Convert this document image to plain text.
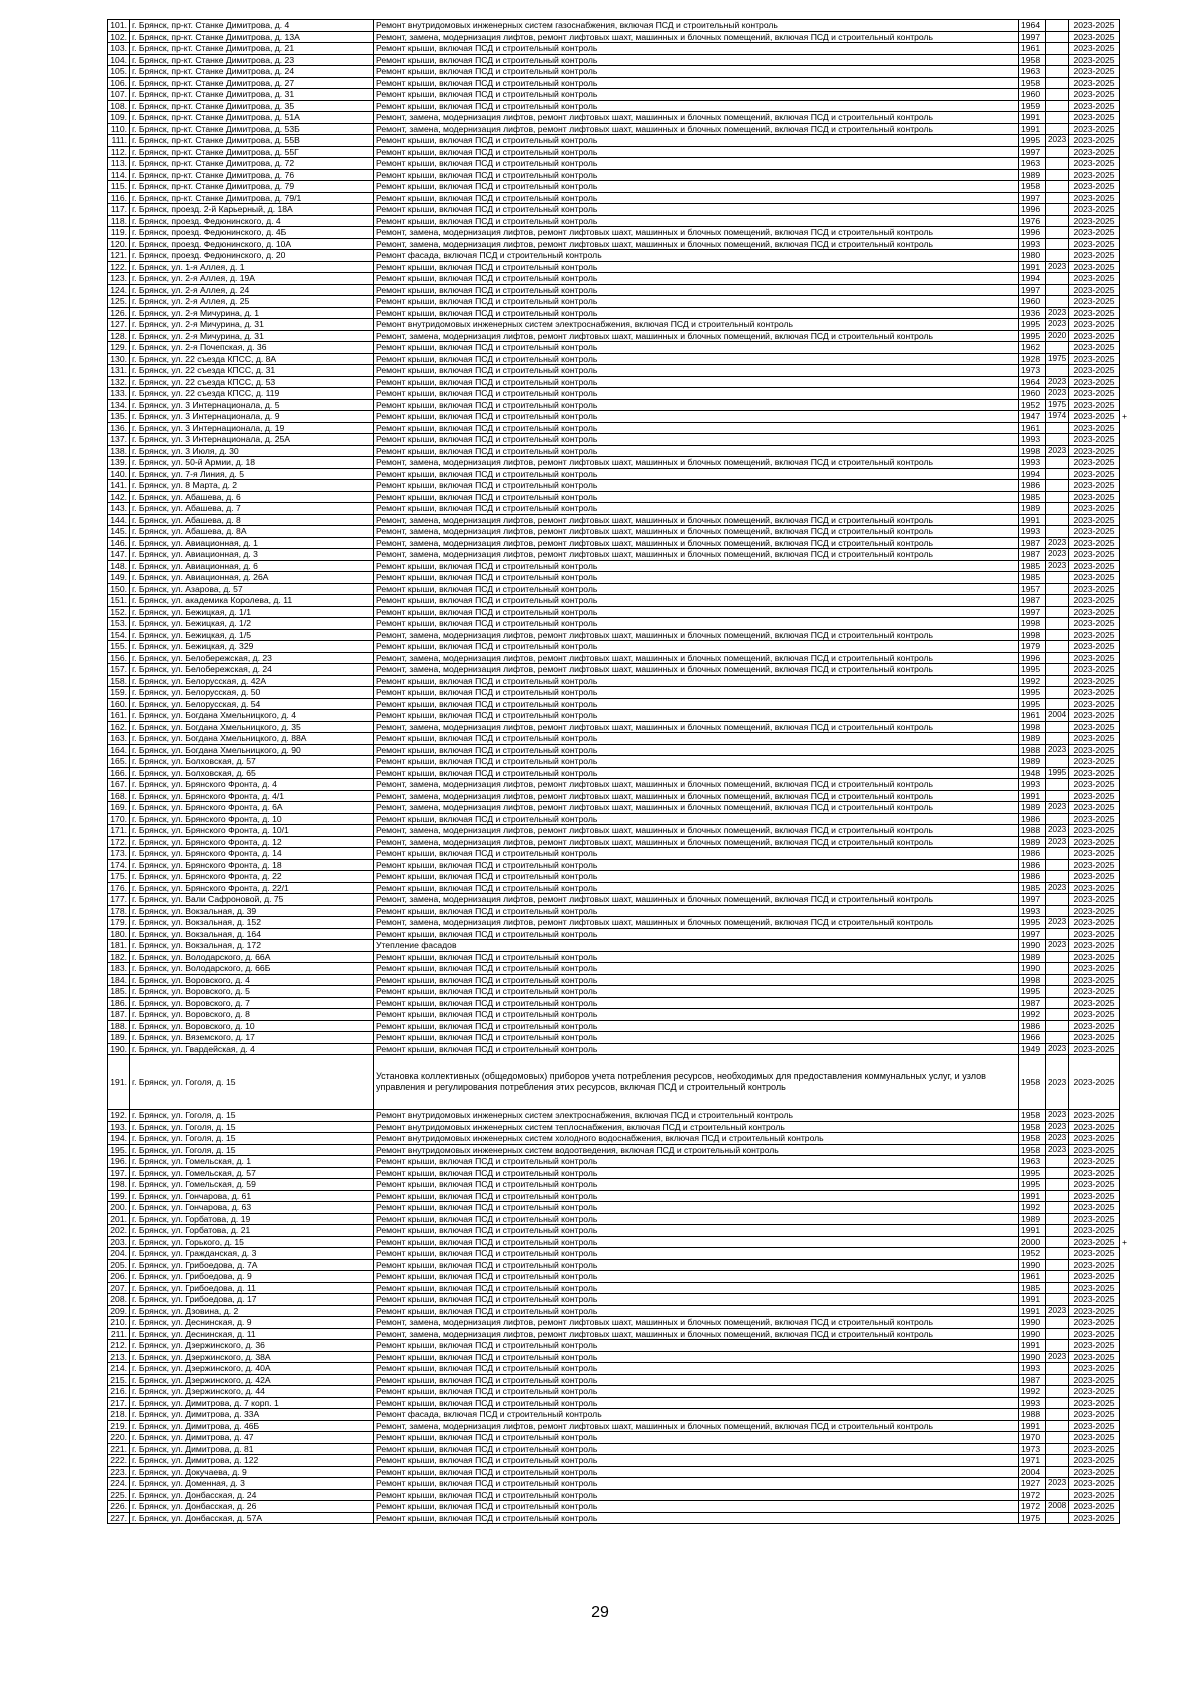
101.	г. Брянск, пр-кт. Станке Димитрова, д. 4	Ремонт внутридомовых инженерных систем газоснабжения, включая ПСД и строительный контроль	1964		2023-2025	
102.	г. Брянск, пр-кт. Станке Димитрова, д. 13А	Ремонт, замена, модернизация лифтов, ремонт лифтовых шахт, машинных и блочных помещений, включая ПСД и строительный контроль	1997		2023-2025	
103.	г. Брянск, пр-кт. Станке Димитрова, д. 21	Ремонт крыши, включая ПСД и строительный контроль	1961		2023-2025	
104.	г. Брянск, пр-кт. Станке Димитрова, д. 23	Ремонт крыши, включая ПСД и строительный контроль	1958		2023-2025	
105.	г. Брянск, пр-кт. Станке Димитрова, д. 24	Ремонт крыши, включая ПСД и строительный контроль	1963		2023-2025	
106.	г. Брянск, пр-кт. Станке Димитрова, д. 27	Ремонт крыши, включая ПСД и строительный контроль	1958		2023-2025	
107.	г. Брянск, пр-кт. Станке Димитрова, д. 31	Ремонт крыши, включая ПСД и строительный контроль	1960		2023-2025	
108.	г. Брянск, пр-кт. Станке Димитрова, д. 35	Ремонт крыши, включая ПСД и строительный контроль	1959		2023-2025	
109.	г. Брянск, пр-кт. Станке Димитрова, д. 51А	Ремонт, замена, модернизация лифтов, ремонт лифтовых шахт, машинных и блочных помещений, включая ПСД и строительный контроль	1991		2023-2025	
110.	г. Брянск, пр-кт. Станке Димитрова, д. 53Б	Ремонт, замена, модернизация лифтов, ремонт лифтовых шахт, машинных и блочных помещений, включая ПСД и строительный контроль	1991		2023-2025	
111.	г. Брянск, пр-кт. Станке Димитрова, д. 55В	Ремонт крыши, включая ПСД и строительный контроль	1995	2023	2023-2025	
112.	г. Брянск, пр-кт. Станке Димитрова, д. 55Г	Ремонт крыши, включая ПСД и строительный контроль	1997		2023-2025	
113.	г. Брянск, пр-кт. Станке Димитрова, д. 72	Ремонт крыши, включая ПСД и строительный контроль	1963		2023-2025	
114.	г. Брянск, пр-кт. Станке Димитрова, д. 76	Ремонт крыши, включая ПСД и строительный контроль	1989		2023-2025	
115.	г. Брянск, пр-кт. Станке Димитрова, д. 79	Ремонт крыши, включая ПСД и строительный контроль	1958		2023-2025	
116.	г. Брянск, пр-кт. Станке Димитрова, д. 79/1	Ремонт крыши, включая ПСД и строительный контроль	1997		2023-2025	
117.	г. Брянск, проезд. 2-й Карьерный, д. 18А	Ремонт крыши, включая ПСД и строительный контроль	1996		2023-2025	
118.	г. Брянск, проезд. Федюнинского, д. 4	Ремонт крыши, включая ПСД и строительный контроль	1976		2023-2025	
119.	г. Брянск, проезд. Федюнинского, д. 4Б	Ремонт, замена, модернизация лифтов, ремонт лифтовых шахт, машинных и блочных помещений, включая ПСД и строительный контроль	1996		2023-2025	
120.	г. Брянск, проезд. Федюнинского, д. 10А	Ремонт, замена, модернизация лифтов, ремонт лифтовых шахт, машинных и блочных помещений, включая ПСД и строительный контроль	1993		2023-2025	
121.	г. Брянск, проезд. Федюнинского, д. 20	Ремонт фасада, включая ПСД и строительный контроль	1980		2023-2025	
122.	г. Брянск, ул. 1-я Аллея, д. 1	Ремонт крыши, включая ПСД и строительный контроль	1991	2023	2023-2025	
123.	г. Брянск, ул. 2-я Аллея, д. 19А	Ремонт крыши, включая ПСД и строительный контроль	1994		2023-2025	
124.	г. Брянск, ул. 2-я Аллея, д. 24	Ремонт крыши, включая ПСД и строительный контроль	1997		2023-2025	
125.	г. Брянск, ул. 2-я Аллея, д. 25	Ремонт крыши, включая ПСД и строительный контроль	1960		2023-2025	
126.	г. Брянск, ул. 2-я Мичурина, д. 1	Ремонт крыши, включая ПСД и строительный контроль	1936	2023	2023-2025	
127.	г. Брянск, ул. 2-я Мичурина, д. 31	Ремонт внутридомовых инженерных систем электроснабжения, включая ПСД и строительный контроль	1995	2023	2023-2025	
128.	г. Брянск, ул. 2-я Мичурина, д. 31	Ремонт, замена, модернизация лифтов, ремонт лифтовых шахт, машинных и блочных помещений, включая ПСД и строительный контроль	1995	2020	2023-2025	
129.	г. Брянск, ул. 2-я Почепская, д. 36	Ремонт крыши, включая ПСД и строительный контроль	1962		2023-2025	
130.	г. Брянск, ул. 22 съезда КПСС, д. 8А	Ремонт крыши, включая ПСД и строительный контроль	1928	1975	2023-2025	
131.	г. Брянск, ул. 22 съезда КПСС, д. 31	Ремонт крыши, включая ПСД и строительный контроль	1973		2023-2025	
132.	г. Брянск, ул. 22 съезда КПСС, д. 53	Ремонт крыши, включая ПСД и строительный контроль	1964	2023	2023-2025	
133.	г. Брянск, ул. 22 съезда КПСС, д. 119	Ремонт крыши, включая ПСД и строительный контроль	1960	2023	2023-2025	
134.	г. Брянск, ул. 3 Интернационала, д. 5	Ремонт крыши, включая ПСД и строительный контроль	1952	1975	2023-2025	
135.	г. Брянск, ул. 3 Интернационала, д. 9	Ремонт крыши, включая ПСД и строительный контроль	1947	1974	2023-2025	+
136.	г. Брянск, ул. 3 Интернационала, д. 19	Ремонт крыши, включая ПСД и строительный контроль	1961		2023-2025	
137.	г. Брянск, ул. 3 Интернационала, д. 25А	Ремонт крыши, включая ПСД и строительный контроль	1993		2023-2025	
138.	г. Брянск, ул. 3 Июля, д. 30	Ремонт крыши, включая ПСД и строительный контроль	1998	2023	2023-2025	
139.	г. Брянск, ул. 50-й Армии, д. 18	Ремонт, замена, модернизация лифтов, ремонт лифтовых шахт, машинных и блочных помещений, включая ПСД и строительный контроль	1993		2023-2025	
140.	г. Брянск, ул. 7-я Линия, д. 5	Ремонт крыши, включая ПСД и строительный контроль	1994		2023-2025	
141.	г. Брянск, ул. 8 Марта, д. 2	Ремонт крыши, включая ПСД и строительный контроль	1986		2023-2025	
142.	г. Брянск, ул. Абашева, д. 6	Ремонт крыши, включая ПСД и строительный контроль	1985		2023-2025	
143.	г. Брянск, ул. Абашева, д. 7	Ремонт крыши, включая ПСД и строительный контроль	1989		2023-2025	
144.	г. Брянск, ул. Абашева, д. 8	Ремонт, замена, модернизация лифтов, ремонт лифтовых шахт, машинных и блочных помещений, включая ПСД и строительный контроль	1991		2023-2025	
145.	г. Брянск, ул. Абашева, д. 8А	Ремонт, замена, модернизация лифтов, ремонт лифтовых шахт, машинных и блочных помещений, включая ПСД и строительный контроль	1993		2023-2025	
146.	г. Брянск, ул. Авиационная, д. 1	Ремонт, замена, модернизация лифтов, ремонт лифтовых шахт, машинных и блочных помещений, включая ПСД и строительный контроль	1987	2023	2023-2025	
147.	г. Брянск, ул. Авиационная, д. 3	Ремонт, замена, модернизация лифтов, ремонт лифтовых шахт, машинных и блочных помещений, включая ПСД и строительный контроль	1987	2023	2023-2025	
148.	г. Брянск, ул. Авиационная, д. 6	Ремонт крыши, включая ПСД и строительный контроль	1985	2023	2023-2025	
149.	г. Брянск, ул. Авиационная, д. 26А	Ремонт крыши, включая ПСД и строительный контроль	1985		2023-2025	
150.	г. Брянск, ул. Азарова, д. 57	Ремонт крыши, включая ПСД и строительный контроль	1957		2023-2025	
151.	г. Брянск, ул. академика Королева, д. 11	Ремонт крыши, включая ПСД и строительный контроль	1987		2023-2025	
152.	г. Брянск, ул. Бежицкая, д. 1/1	Ремонт крыши, включая ПСД и строительный контроль	1997		2023-2025	
153.	г. Брянск, ул. Бежицкая, д. 1/2	Ремонт крыши, включая ПСД и строительный контроль	1998		2023-2025	
154.	г. Брянск, ул. Бежицкая, д. 1/5	Ремонт, замена, модернизация лифтов, ремонт лифтовых шахт, машинных и блочных помещений, включая ПСД и строительный контроль	1998		2023-2025	
155.	г. Брянск, ул. Бежицкая, д. 329	Ремонт крыши, включая ПСД и строительный контроль	1979		2023-2025	
156.	г. Брянск, ул. Белобережская, д. 23	Ремонт, замена, модернизация лифтов, ремонт лифтовых шахт, машинных и блочных помещений, включая ПСД и строительный контроль	1996		2023-2025	
157.	г. Брянск, ул. Белобережская, д. 24	Ремонт, замена, модернизация лифтов, ремонт лифтовых шахт, машинных и блочных помещений, включая ПСД и строительный контроль	1995		2023-2025	
158.	г. Брянск, ул. Белорусская, д. 42А	Ремонт крыши, включая ПСД и строительный контроль	1992		2023-2025	
159.	г. Брянск, ул. Белорусская, д. 50	Ремонт крыши, включая ПСД и строительный контроль	1995		2023-2025	
160.	г. Брянск, ул. Белорусская, д. 54	Ремонт крыши, включая ПСД и строительный контроль	1995		2023-2025	
161.	г. Брянск, ул. Богдана Хмельницкого, д. 4	Ремонт крыши, включая ПСД и строительный контроль	1961	2004	2023-2025	
162.	г. Брянск, ул. Богдана Хмельницкого, д. 35	Ремонт, замена, модернизация лифтов, ремонт лифтовых шахт, машинных и блочных помещений, включая ПСД и строительный контроль	1998		2023-2025	
163.	г. Брянск, ул. Богдана Хмельницкого, д. 88А	Ремонт крыши, включая ПСД и строительный контроль	1989		2023-2025	
164.	г. Брянск, ул. Богдана Хмельницкого, д. 90	Ремонт крыши, включая ПСД и строительный контроль	1988	2023	2023-2025	
165.	г. Брянск, ул. Болховская, д. 57	Ремонт крыши, включая ПСД и строительный контроль	1989		2023-2025	
166.	г. Брянск, ул. Болховская, д. 65	Ремонт крыши, включая ПСД и строительный контроль	1948	1995	2023-2025	
167.	г. Брянск, ул. Брянского Фронта, д. 4	Ремонт, замена, модернизация лифтов, ремонт лифтовых шахт, машинных и блочных помещений, включая ПСД и строительный контроль	1993		2023-2025	
168.	г. Брянск, ул. Брянского Фронта, д. 4/1	Ремонт, замена, модернизация лифтов, ремонт лифтовых шахт, машинных и блочных помещений, включая ПСД и строительный контроль	1991		2023-2025	
169.	г. Брянск, ул. Брянского Фронта, д. 6А	Ремонт, замена, модернизация лифтов, ремонт лифтовых шахт, машинных и блочных помещений, включая ПСД и строительный контроль	1989	2023	2023-2025	
170.	г. Брянск, ул. Брянского Фронта, д. 10	Ремонт крыши, включая ПСД и строительный контроль	1986		2023-2025	
171.	г. Брянск, ул. Брянского Фронта, д. 10/1	Ремонт, замена, модернизация лифтов, ремонт лифтовых шахт, машинных и блочных помещений, включая ПСД и строительный контроль	1988	2023	2023-2025	
172.	г. Брянск, ул. Брянского Фронта, д. 12	Ремонт, замена, модернизация лифтов, ремонт лифтовых шахт, машинных и блочных помещений, включая ПСД и строительный контроль	1989	2023	2023-2025	
173.	г. Брянск, ул. Брянского Фронта, д. 14	Ремонт крыши, включая ПСД и строительный контроль	1986		2023-2025	
174.	г. Брянск, ул. Брянского Фронта, д. 18	Ремонт крыши, включая ПСД и строительный контроль	1986		2023-2025	
175.	г. Брянск, ул. Брянского Фронта, д. 22	Ремонт крыши, включая ПСД и строительный контроль	1986		2023-2025	
176.	г. Брянск, ул. Брянского Фронта, д. 22/1	Ремонт крыши, включая ПСД и строительный контроль	1985	2023	2023-2025	
177.	г. Брянск, ул. Вали Сафроновой, д. 75	Ремонт, замена, модернизация лифтов, ремонт лифтовых шахт, машинных и блочных помещений, включая ПСД и строительный контроль	1997		2023-2025	
178.	г. Брянск, ул. Вокзальная, д. 39	Ремонт крыши, включая ПСД и строительный контроль	1993		2023-2025	
179.	г. Брянск, ул. Вокзальная, д. 152	Ремонт, замена, модернизация лифтов, ремонт лифтовых шахт, машинных и блочных помещений, включая ПСД и строительный контроль	1995	2023	2023-2025	
180.	г. Брянск, ул. Вокзальная, д. 164	Ремонт крыши, включая ПСД и строительный контроль	1997		2023-2025	
181.	г. Брянск, ул. Вокзальная, д. 172	Утепление фасадов	1990	2023	2023-2025	
182.	г. Брянск, ул. Володарского, д. 66А	Ремонт крыши, включая ПСД и строительный контроль	1989		2023-2025	
183.	г. Брянск, ул. Володарского, д. 66Б	Ремонт крыши, включая ПСД и строительный контроль	1990		2023-2025	
184.	г. Брянск, ул. Воровского, д. 4	Ремонт крыши, включая ПСД и строительный контроль	1998		2023-2025	
185.	г. Брянск, ул. Воровского, д. 5	Ремонт крыши, включая ПСД и строительный контроль	1995		2023-2025	
186.	г. Брянск, ул. Воровского, д. 7	Ремонт крыши, включая ПСД и строительный контроль	1987		2023-2025	
187.	г. Брянск, ул. Воровского, д. 8	Ремонт крыши, включая ПСД и строительный контроль	1992		2023-2025	
188.	г. Брянск, ул. Воровского, д. 10	Ремонт крыши, включая ПСД и строительный контроль	1986		2023-2025	
189.	г. Брянск, ул. Вяземского, д. 17	Ремонт крыши, включая ПСД и строительный контроль	1966		2023-2025	
190.	г. Брянск, ул. Гвардейская, д. 4	Ремонт крыши, включая ПСД и строительный контроль	1949	2023	2023-2025	
191.	г. Брянск, ул. Гоголя, д. 15	Установка коллективных (общедомовых) приборов учета потребления ресурсов, необходимых для предоставления коммунальных услуг, и узлов управления и регулирования потребления этих ресурсов, включая ПСД и строительный контроль	1958	2023	2023-2025	
192.	г. Брянск, ул. Гоголя, д. 15	Ремонт внутридомовых инженерных систем электроснабжения, включая ПСД и строительный контроль	1958	2023	2023-2025	
193.	г. Брянск, ул. Гоголя, д. 15	Ремонт внутридомовых инженерных систем теплоснабжения, включая ПСД и строительный контроль	1958	2023	2023-2025	
194.	г. Брянск, ул. Гоголя, д. 15	Ремонт внутридомовых инженерных систем холодного водоснабжения, включая ПСД и строительный контроль	1958	2023	2023-2025	
195.	г. Брянск, ул. Гоголя, д. 15	Ремонт внутридомовых инженерных систем водоотведения, включая ПСД и строительный контроль	1958	2023	2023-2025	
196.	г. Брянск, ул. Гомельская, д. 1	Ремонт крыши, включая ПСД и строительный контроль	1963		2023-2025	
197.	г. Брянск, ул. Гомельская, д. 57	Ремонт крыши, включая ПСД и строительный контроль	1995		2023-2025	
198.	г. Брянск, ул. Гомельская, д. 59	Ремонт крыши, включая ПСД и строительный контроль	1995		2023-2025	
199.	г. Брянск, ул. Гончарова, д. 61	Ремонт крыши, включая ПСД и строительный контроль	1991		2023-2025	
200.	г. Брянск, ул. Гончарова, д. 63	Ремонт крыши, включая ПСД и строительный контроль	1992		2023-2025	
201.	г. Брянск, ул. Горбатова, д. 19	Ремонт крыши, включая ПСД и строительный контроль	1989		2023-2025	
202.	г. Брянск, ул. Горбатова, д. 21	Ремонт крыши, включая ПСД и строительный контроль	1991		2023-2025	
203.	г. Брянск, ул. Горького, д. 15	Ремонт крыши, включая ПСД и строительный контроль	2000		2023-2025	+
204.	г. Брянск, ул. Гражданская, д. 3	Ремонт крыши, включая ПСД и строительный контроль	1952		2023-2025	
205.	г. Брянск, ул. Грибоедова, д. 7А	Ремонт крыши, включая ПСД и строительный контроль	1990		2023-2025	
206.	г. Брянск, ул. Грибоедова, д. 9	Ремонт крыши, включая ПСД и строительный контроль	1961		2023-2025	
207.	г. Брянск, ул. Грибоедова, д. 11	Ремонт крыши, включая ПСД и строительный контроль	1985		2023-2025	
208.	г. Брянск, ул. Грибоедова, д. 17	Ремонт крыши, включая ПСД и строительный контроль	1991		2023-2025	
209.	г. Брянск, ул. Дзовина, д. 2	Ремонт крыши, включая ПСД и строительный контроль	1991	2023	2023-2025	
210.	г. Брянск, ул. Деснинская, д. 9	Ремонт, замена, модернизация лифтов, ремонт лифтовых шахт, машинных и блочных помещений, включая ПСД и строительный контроль	1990		2023-2025	
211.	г. Брянск, ул. Деснинская, д. 11	Ремонт, замена, модернизация лифтов, ремонт лифтовых шахт, машинных и блочных помещений, включая ПСД и строительный контроль	1990		2023-2025	
212.	г. Брянск, ул. Дзержинского, д. 36	Ремонт крыши, включая ПСД и строительный контроль	1991		2023-2025	
213.	г. Брянск, ул. Дзержинского, д. 38А	Ремонт крыши, включая ПСД и строительный контроль	1990	2023	2023-2025	
214.	г. Брянск, ул. Дзержинского, д. 40А	Ремонт крыши, включая ПСД и строительный контроль	1993		2023-2025	
215.	г. Брянск, ул. Дзержинского, д. 42А	Ремонт крыши, включая ПСД и строительный контроль	1987		2023-2025	
216.	г. Брянск, ул. Дзержинского, д. 44	Ремонт крыши, включая ПСД и строительный контроль	1992		2023-2025	
217.	г. Брянск, ул. Димитрова, д. 7 корп. 1	Ремонт крыши, включая ПСД и строительный контроль	1993		2023-2025	
218.	г. Брянск, ул. Димитрова, д. 33А	Ремонт фасада, включая ПСД и строительный контроль	1988		2023-2025	
219.	г. Брянск, ул. Димитрова, д. 46Б	Ремонт, замена, модернизация лифтов, ремонт лифтовых шахт, машинных и блочных помещений, включая ПСД и строительный контроль	1991		2023-2025	
220.	г. Брянск, ул. Димитрова, д. 47	Ремонт крыши, включая ПСД и строительный контроль	1970		2023-2025	
221.	г. Брянск, ул. Димитрова, д. 81	Ремонт крыши, включая ПСД и строительный контроль	1973		2023-2025	
222.	г. Брянск, ул. Димитрова, д. 122	Ремонт крыши, включая ПСД и строительный контроль	1971		2023-2025	
223.	г. Брянск, ул. Докучаева, д. 9	Ремонт крыши, включая ПСД и строительный контроль	2004		2023-2025	
224.	г. Брянск, ул. Доменная, д. 3	Ремонт крыши, включая ПСД и строительный контроль	1927	2023	2023-2025	
225.	г. Брянск, ул. Донбасская, д. 24	Ремонт крыши, включая ПСД и строительный контроль	1972		2023-2025	
226.	г. Брянск, ул. Донбасская, д. 26	Ремонт крыши, включая ПСД и строительный контроль	1972	2008	2023-2025	
227.	г. Брянск, ул. Донбасская, д. 57А	Ремонт крыши, включая ПСД и строительный контроль	1975		2023-2025	
29
